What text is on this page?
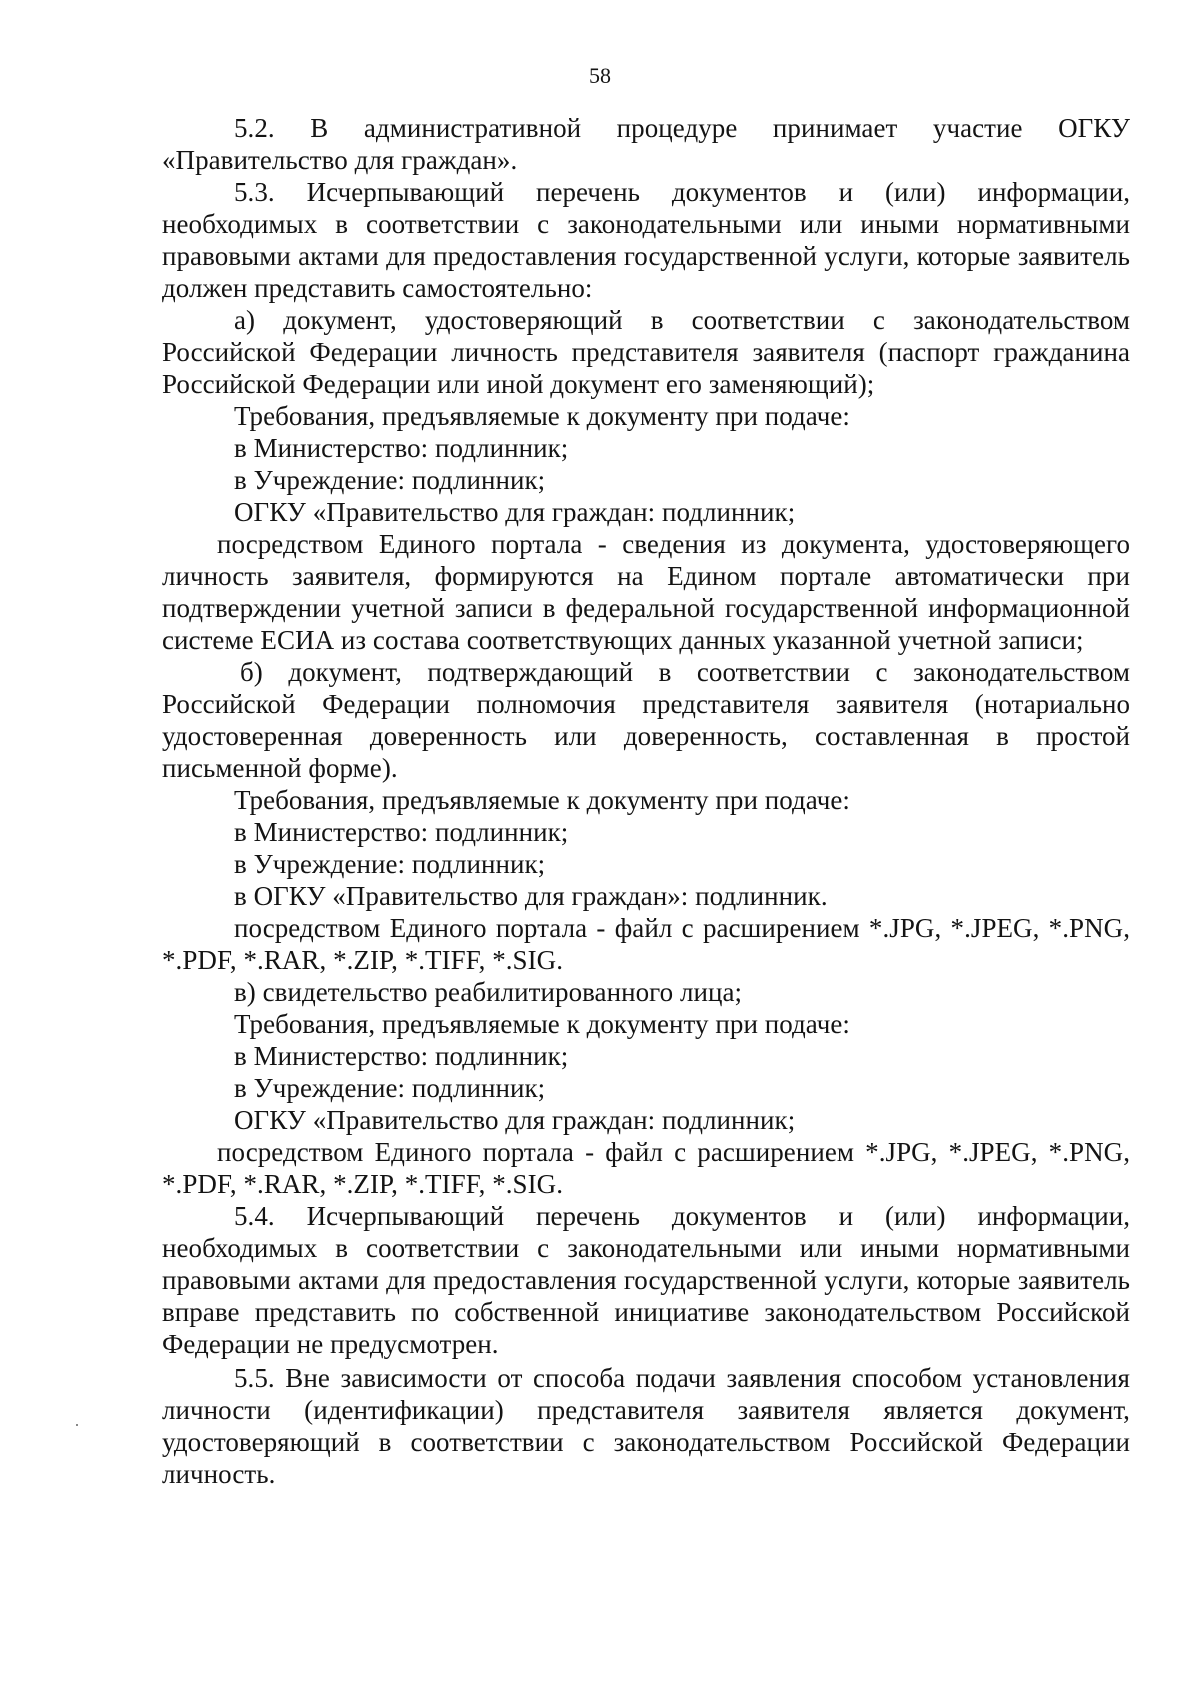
58

5.2. В административной процедуре принимает участие ОГКУ «Правительство для граждан».

5.3. Исчерпывающий перечень документов и (или) информации, необходимых в соответствии с законодательными или иными нормативными правовыми актами для предоставления государственной услуги, которые заявитель должен представить самостоятельно:

а) документ, удостоверяющий в соответствии с законодательством Российской Федерации личность представителя заявителя (паспорт гражданина Российской Федерации или иной документ его заменяющий);

Требования, предъявляемые к документу при подаче:

в Министерство: подлинник;

в Учреждение: подлинник;

ОГКУ «Правительство для граждан: подлинник;

посредством Единого портала - сведения из документа, удостоверяющего личность заявителя, формируются на Едином портале автоматически при подтверждении учетной записи в федеральной государственной информационной системе ЕСИА из состава соответствующих данных указанной учетной записи;

б) документ, подтверждающий в соответствии с законодательством Российской Федерации полномочия представителя заявителя (нотариально удостоверенная доверенность или доверенность, составленная в простой письменной форме).

Требования, предъявляемые к документу при подаче:

в Министерство: подлинник;

в Учреждение: подлинник;

в ОГКУ «Правительство для граждан»: подлинник.

посредством Единого портала - файл с расширением *.JPG, *.JPEG, *.PNG, *.PDF, *.RAR, *.ZIP, *.TIFF, *.SIG.

в) свидетельство реабилитированного лица;

Требования, предъявляемые к документу при подаче:

в Министерство: подлинник;

в Учреждение: подлинник;

ОГКУ «Правительство для граждан: подлинник;

посредством Единого портала - файл с расширением *.JPG, *.JPEG, *.PNG, *.PDF, *.RAR, *.ZIP, *.TIFF, *.SIG.

5.4. Исчерпывающий перечень документов и (или) информации, необходимых в соответствии с законодательными или иными нормативными правовыми актами для предоставления государственной услуги, которые заявитель вправе представить по собственной инициативе законодательством Российской Федерации не предусмотрен.

5.5. Вне зависимости от способа подачи заявления способом установления личности (идентификации) представителя заявителя является документ, удостоверяющий в соответствии с законодательством Российской Федерации личность.
